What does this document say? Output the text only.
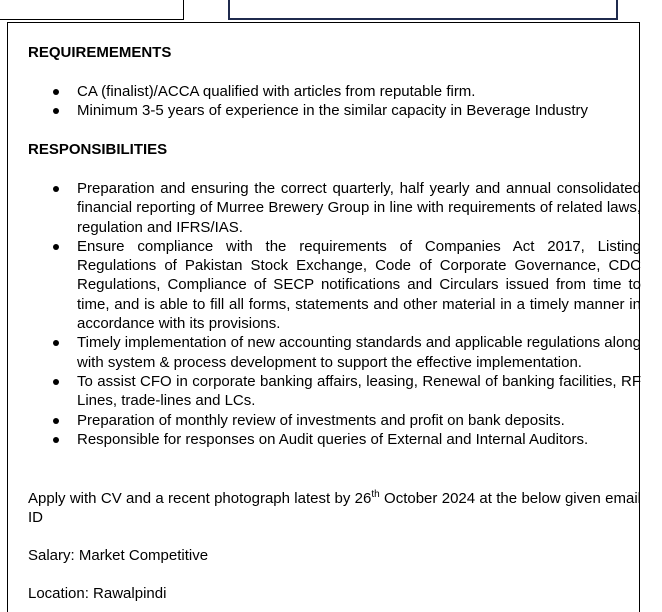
REQUIREMEMENTS
CA (finalist)/ACCA qualified with articles from reputable firm.
Minimum 3-5 years of experience in the similar capacity in Beverage Industry
RESPONSIBILITIES
Preparation and ensuring the correct quarterly, half yearly and annual consolidated financial reporting of Murree Brewery Group in line with requirements of related laws, regulation and IFRS/IAS.
Ensure compliance with the requirements of Companies Act 2017, Listing Regulations of Pakistan Stock Exchange, Code of Corporate Governance, CDC Regulations, Compliance of SECP notifications and Circulars issued from time to time, and is able to fill all forms, statements and other material in a timely manner in accordance with its provisions.
Timely implementation of new accounting standards and applicable regulations along with system & process development to support the effective implementation.
To assist CFO in corporate banking affairs, leasing, Renewal of banking facilities, RF Lines, trade-lines and LCs.
Preparation of monthly review of investments and profit on bank deposits.
Responsible for responses on Audit queries of External and Internal Auditors.
Apply with CV and a recent photograph latest by 26th October 2024 at the below given email ID
Salary: Market Competitive
Location: Rawalpindi
